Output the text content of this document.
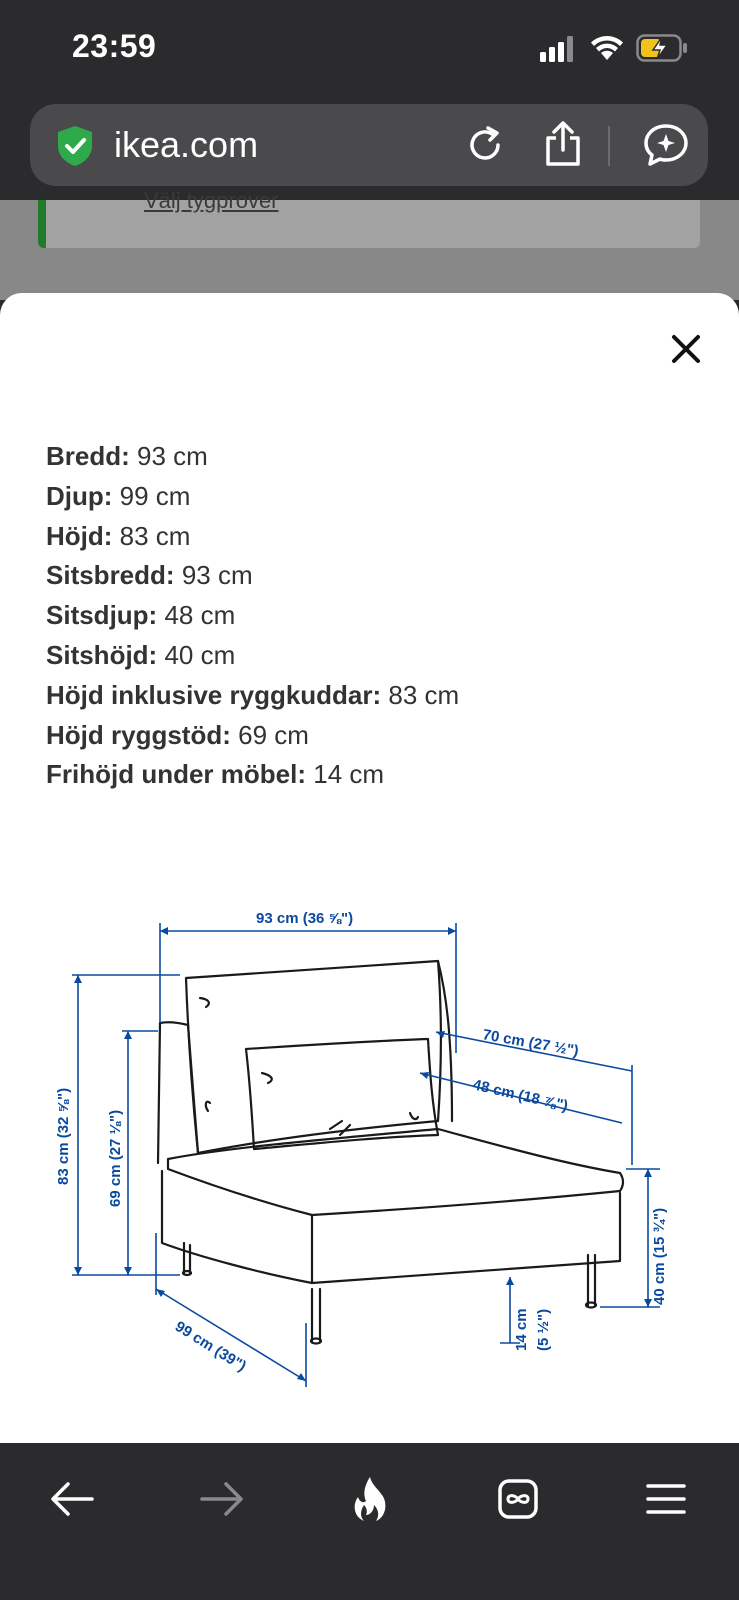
23:59
ikea.com
Välj tygprover
Bredd: 93 cm
Djup: 99 cm
Höjd: 83 cm
Sitsbredd: 93 cm
Sitsdjup: 48 cm
Sitshöjd: 40 cm
Höjd inklusive ryggkuddar: 83 cm
Höjd ryggstöd: 69 cm
Frihöjd under möbel: 14 cm
93 cm (36 ⅝")
70 cm (27 ½")
48 cm (18 ⅞")
83 cm (32 ⅝") 69 cm (27 ⅛")
40 cm (15 ¾")
14 cm (5 ½")
99 cm (39")
